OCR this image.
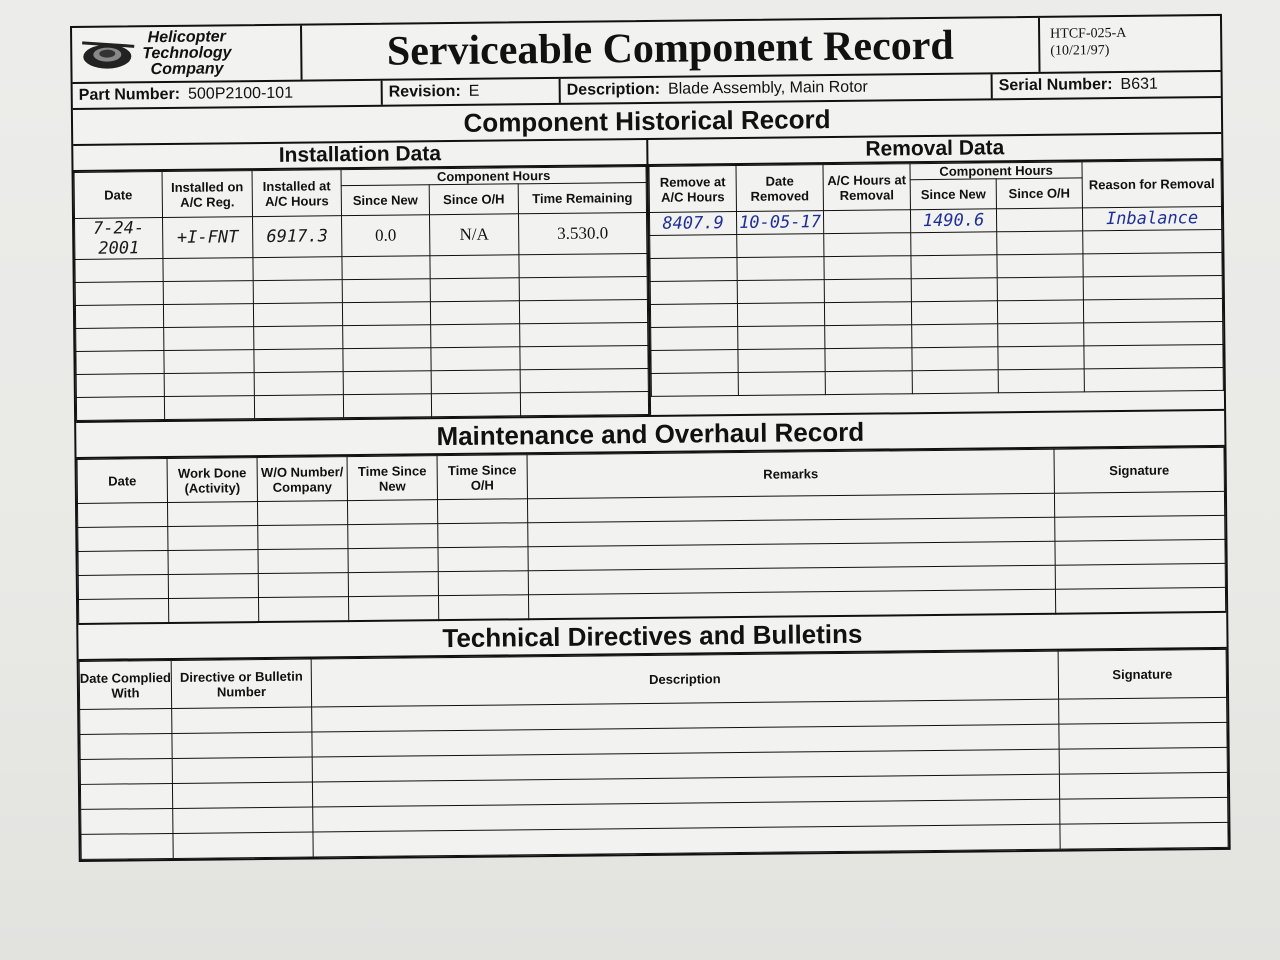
Helicopter
Technology
Company	Serviceable Component Record	HTCF-025-A
(10/21/97)
Part Number: 500P2100-101	Revision: E	Description: Blade Assembly, Main Rotor	Serial Number: B631
Component Historical Record
Installation Data
Date	Installed on A/C Reg.	Installed at A/C Hours	Component Hours		
			Since New	Since O/H	Time Remaining
7-24-2001	+I-FNT	6917.3	0.0	N/A	3.530.0

Removal Data
Remove at A/C Hours	Date Removed	A/C Hours at Removal	Component Hours		Reason for Removal
			Since New	Since O/H	
8407.9	10-05-17		1490.6		Inbalance

Maintenance and Overhaul Record
Date	Work Done (Activity)	W/O Number/ Company	Time Since New	Time Since O/H	Remarks	Signature

Technical Directives and Bulletins
Date Complied With	Directive or Bulletin Number	Description	Signature
